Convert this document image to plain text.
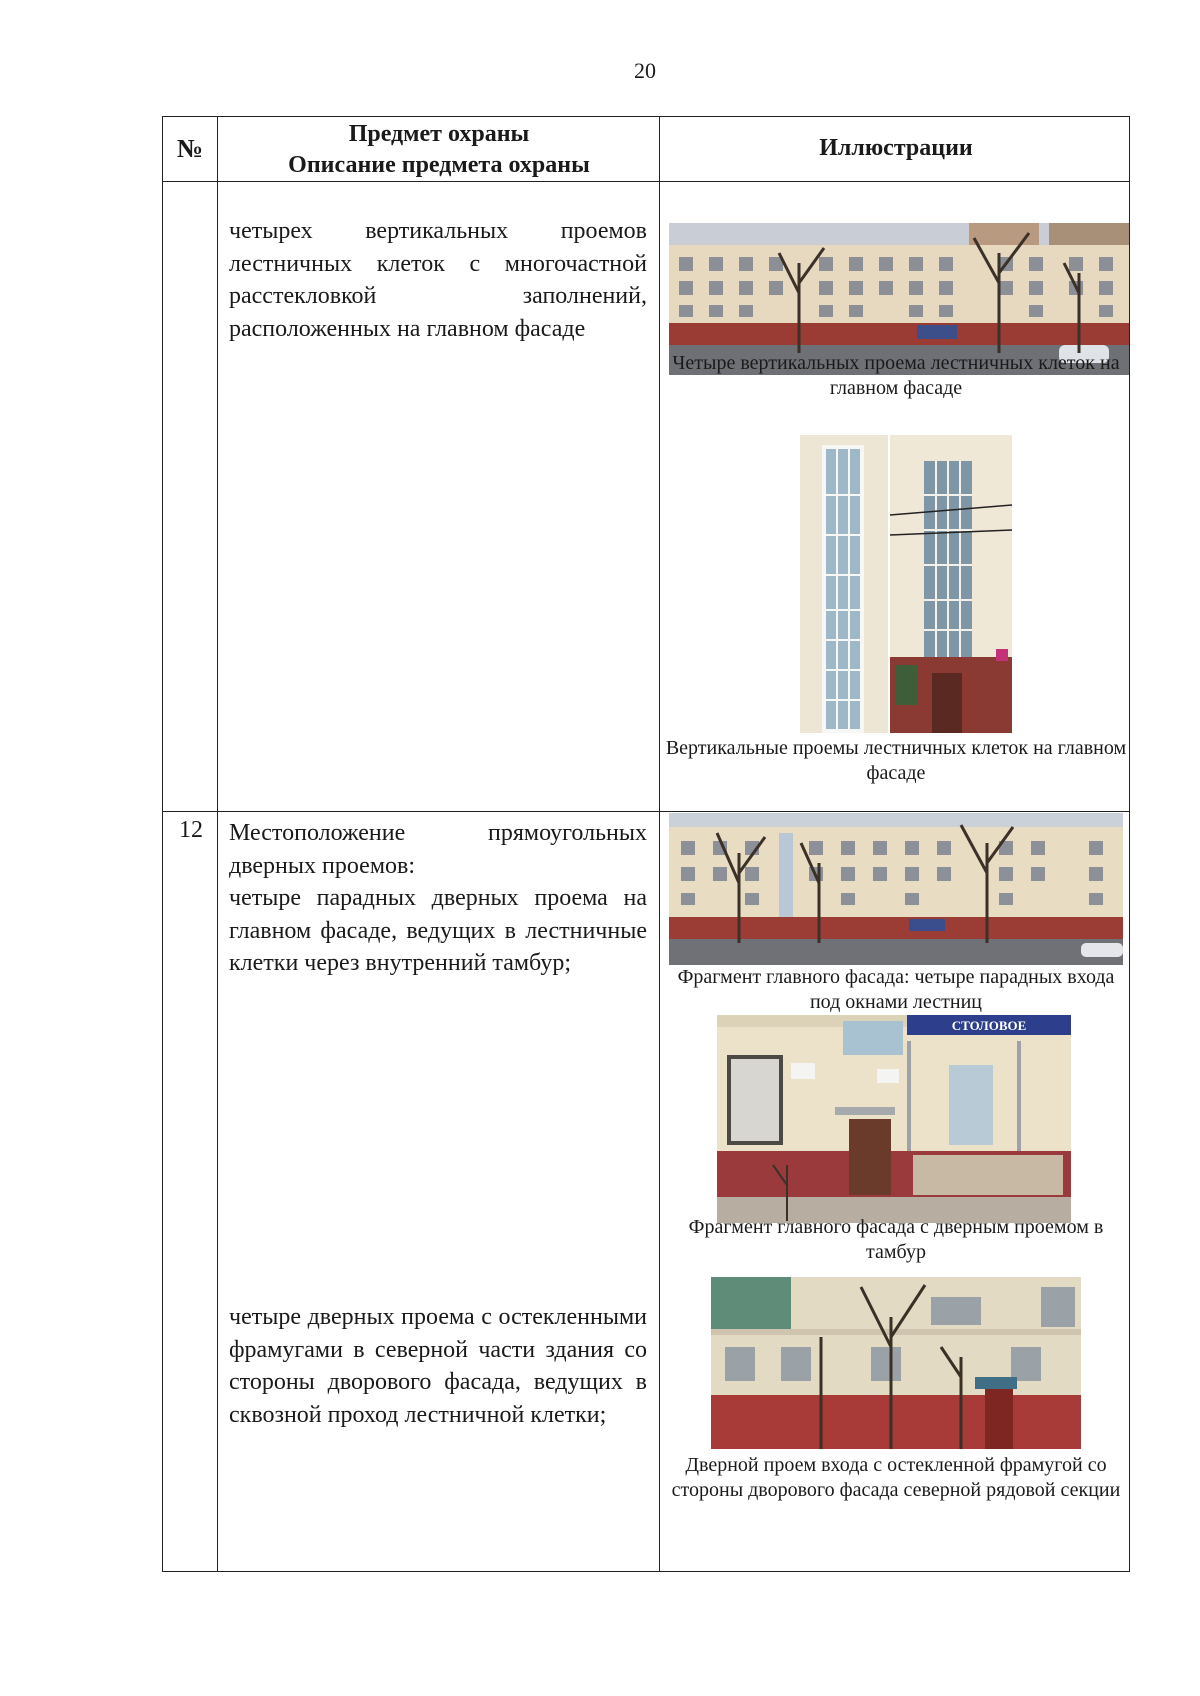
20
№	Предмет охраны
Описание предмета охраны
Иллюстрации

четырех вертикальных проемов лестничных клеток с многочастной расстекловкой заполнений, расположенных на главном фасаде

Четыре вертикальных проема лестничных клеток на главном фасаде
Вертикальные проемы лестничных клеток на главном фасаде
12	Местоположение прямоугольных дверных проемов:

четыре парадных дверных проема на главном фасаде, ведущих в лестничные клетки через внутренний тамбур;

четыре дверных проема с остекленными фрамугами в северной части здания со стороны дворового фасада, ведущих в сквозной проход лестничной клетки;

Фрагмент главного фасада: четыре парадных входа под окнами лестниц
СТОЛОВОЕ
Фрагмент главного фасада с дверным проемом в тамбур
Дверной проем входа с остекленной фрамугой со стороны дворового фасада северной рядовой секции
